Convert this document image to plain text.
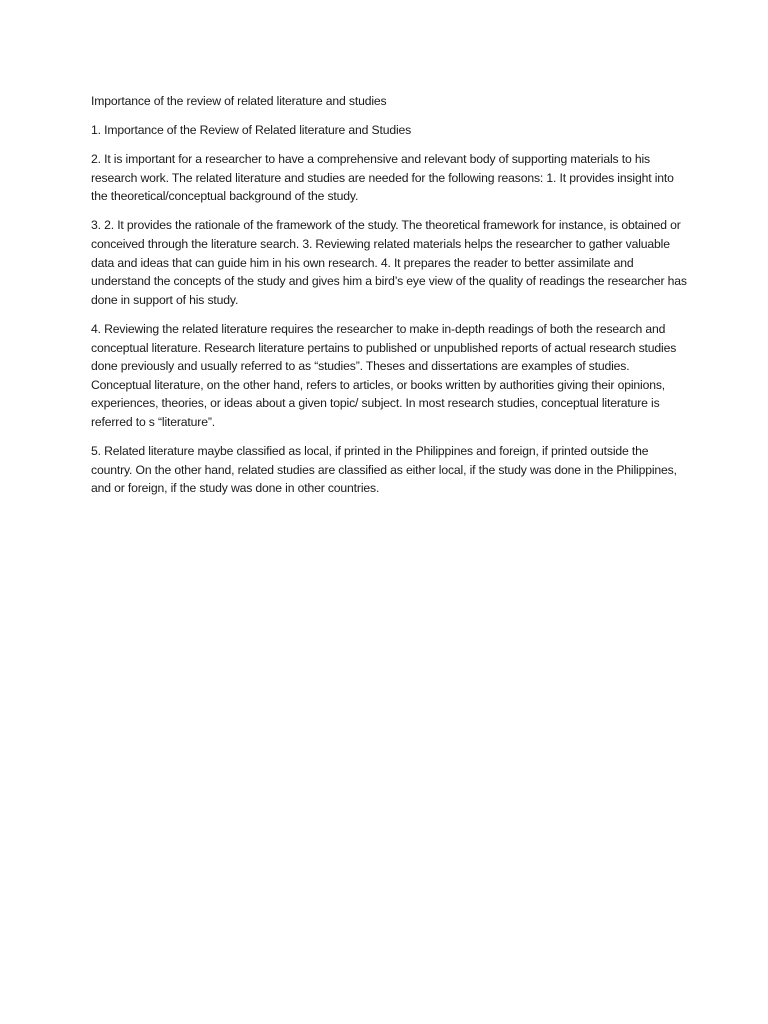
Importance of the review of related literature and studies

1. Importance of the Review of Related literature and Studies

2. It is important for a researcher to have a comprehensive and relevant body of supporting materials to his research work. The related literature and studies are needed for the following reasons: 1. It provides insight into the theoretical/conceptual background of the study.

3. 2. It provides the rationale of the framework of the study. The theoretical framework for instance, is obtained or conceived through the literature search. 3. Reviewing related materials helps the researcher to gather valuable data and ideas that can guide him in his own research. 4. It prepares the reader to better assimilate and understand the concepts of the study and gives him a bird’s eye view of the quality of readings the researcher has done in support of his study.

4. Reviewing the related literature requires the researcher to make in-depth readings of both the research and conceptual literature. Research literature pertains to published or unpublished reports of actual research studies done previously and usually referred to as “studies”. Theses and dissertations are examples of studies. Conceptual literature, on the other hand, refers to articles, or books written by authorities giving their opinions, experiences, theories, or ideas about a given topic/ subject. In most research studies, conceptual literature is referred to s “literature”.

5. Related literature maybe classified as local, if printed in the Philippines and foreign, if printed outside the country. On the other hand, related studies are classified as either local, if the study was done in the Philippines, and or foreign, if the study was done in other countries.
